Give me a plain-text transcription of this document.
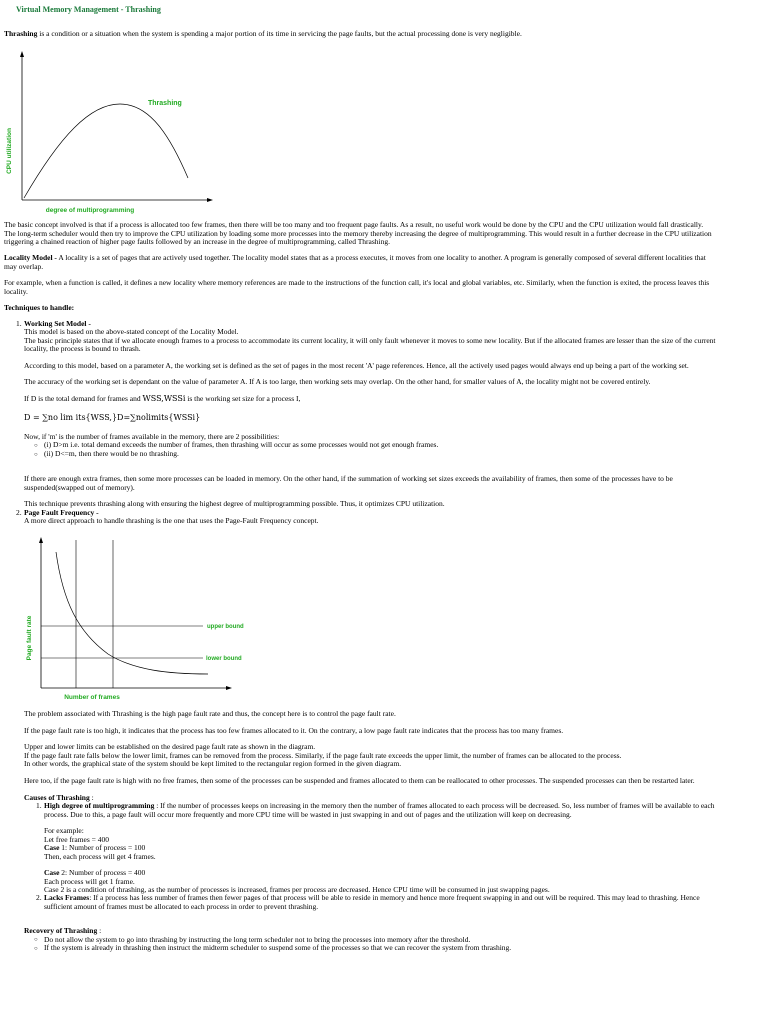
Virtual Memory Management - Thrashing
Thrashing is a condition or a situation when the system is spending a major portion of its time in servicing the page faults, but the actual processing done is very negligible.
Thrashing
CPU utilization
degree of multiprogramming
The basic concept involved is that if a process is allocated too few frames, then there will be too many and too frequent page faults. As a result, no useful work would be done by the CPU and the CPU utilization would fall drastically.
The long-term scheduler would then try to improve the CPU utilization by loading some more processes into the memory thereby increasing the degree of multiprogramming. This would result in a further decrease in the CPU utilization
triggering a chained reaction of higher page faults followed by an increase in the degree of multiprogramming, called Thrashing.
Locality Model - A locality is a set of pages that are actively used together. The locality model states that as a process executes, it moves from one locality to another. A program is generally composed of several different localities that
may overlap.
For example, when a function is called, it defines a new locality where memory references are made to the instructions of the function call, it's local and global variables, etc. Similarly, when the function is exited, the process leaves this
locality.
Techniques to handle:
1. Working Set Model -
This model is based on the above-stated concept of the Locality Model.
The basic principle states that if we allocate enough frames to a process to accommodate its current locality, it will only fault whenever it moves to some new locality. But if the allocated frames are lesser than the size of the current
locality, the process is bound to thrash.
According to this model, based on a parameter A, the working set is defined as the set of pages in the most recent 'A' page references. Hence, all the actively used pages would always end up being a part of the working set.
The accuracy of the working set is dependant on the value of parameter A. If A is too large, then working sets may overlap. On the other hand, for smaller values of A, the locality might not be covered entirely.
If D is the total demand for frames and WSS,WSSi is the working set size for a process I,
D = ∑no lim its{WSS,}D=∑nolimits{WSSi}
Now, if 'm' is the number of frames available in the memory, there are 2 possibilities:
○ (i) D>m i.e. total demand exceeds the number of frames, then thrashing will occur as some processes would not get enough frames.
○ (ii) D<=m, then there would be no thrashing.
If there are enough extra frames, then some more processes can be loaded in memory. On the other hand, if the summation of working set sizes exceeds the availability of frames, then some of the processes have to be
suspended(swapped out of memory).
This technique prevents thrashing along with ensuring the highest degree of multiprogramming possible. Thus, it optimizes CPU utilization.
2. Page Fault Frequency -
A more direct approach to handle thrashing is the one that uses the Page-Fault Frequency concept.
upper bound
lower bound
Page fault rate
Number of frames
The problem associated with Thrashing is the high page fault rate and thus, the concept here is to control the page fault rate.
If the page fault rate is too high, it indicates that the process has too few frames allocated to it. On the contrary, a low page fault rate indicates that the process has too many frames.
Upper and lower limits can be established on the desired page fault rate as shown in the diagram.
If the page fault rate falls below the lower limit, frames can be removed from the process. Similarly, if the page fault rate exceeds the upper limit, the number of frames can be allocated to the process.
In other words, the graphical state of the system should be kept limited to the rectangular region formed in the given diagram.
Here too, if the page fault rate is high with no free frames, then some of the processes can be suspended and frames allocated to them can be reallocated to other processes. The suspended processes can then be restarted later.
Causes of Thrashing :
1. High degree of multiprogramming : If the number of processes keeps on increasing in the memory then the number of frames allocated to each process will be decreased. So, less number of frames will be available to each
process. Due to this, a page fault will occur more frequently and more CPU time will be wasted in just swapping in and out of pages and the utilization will keep on decreasing.
For example:
Let free frames = 400
Case 1: Number of process = 100
Then, each process will get 4 frames.
Case 2: Number of process = 400
Each process will get 1 frame.
Case 2 is a condition of thrashing, as the number of processes is increased, frames per process are decreased. Hence CPU time will be consumed in just swapping pages.
2. Lacks Frames: If a process has less number of frames then fewer pages of that process will be able to reside in memory and hence more frequent swapping in and out will be required. This may lead to thrashing. Hence
sufficient amount of frames must be allocated to each process in order to prevent thrashing.
Recovery of Thrashing :
○ Do not allow the system to go into thrashing by instructing the long term scheduler not to bring the processes into memory after the threshold.
○ If the system is already in thrashing then instruct the midterm scheduler to suspend some of the processes so that we can recover the system from thrashing.
